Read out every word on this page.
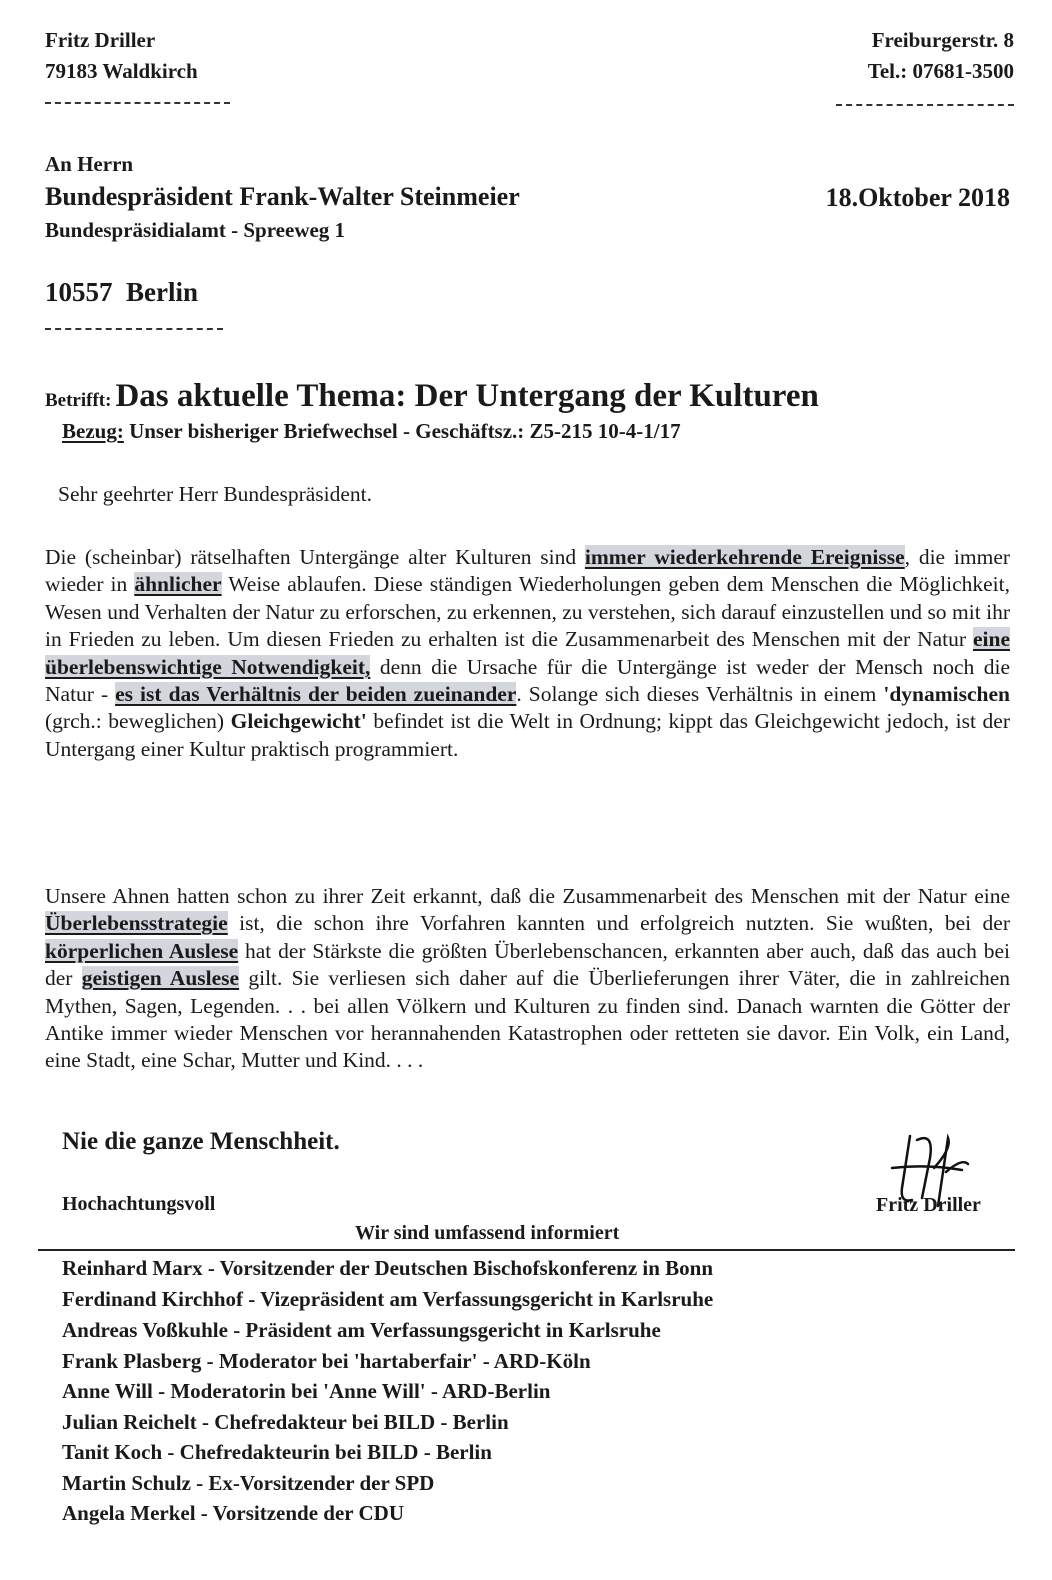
Fritz Driller
79183 Waldkirch
Freiburgerstr. 8
Tel.: 07681-3500
An Herrn
Bundespräsident Frank-Walter Steinmeier
Bundespräsidialamt - Spreeweg 1
18.Oktober 2018
10557 Berlin
Betrifft: Das aktuelle Thema: Der Untergang der Kulturen
Bezug: Unser bisheriger Briefwechsel - Geschäftsz.: Z5-215 10-4-1/17
Sehr geehrter Herr Bundespräsident.
Die (scheinbar) rätselhaften Untergänge alter Kulturen sind immer wiederkehrende Ereignisse, die immer wieder in ähnlicher Weise ablaufen. Diese ständigen Wiederholungen geben dem Menschen die Möglichkeit, Wesen und Verhalten der Natur zu erforschen, zu erkennen, zu verstehen, sich darauf einzustellen und so mit ihr in Frieden zu leben. Um diesen Frieden zu erhalten ist die Zusammenarbeit des Menschen mit der Natur eine überlebenswichtige Notwendigkeit, denn die Ursache für die Untergänge ist weder der Mensch noch die Natur - es ist das Verhältnis der beiden zueinander. Solange sich dieses Verhältnis in einem 'dynamischen (grch.: beweglichen) Gleichgewicht' befindet ist die Welt in Ordnung; kippt das Gleichgewicht jedoch, ist der Untergang einer Kultur praktisch programmiert.
Unsere Ahnen hatten schon zu ihrer Zeit erkannt, daß die Zusammenarbeit des Menschen mit der Natur eine Überlebensstrategie ist, die schon ihre Vorfahren kannten und erfolgreich nutzten. Sie wußten, bei der körperlichen Auslese hat der Stärkste die größten Überlebenschancen, erkannten aber auch, daß das auch bei der geistigen Auslese gilt. Sie verliesen sich daher auf die Überlieferungen ihrer Väter, die in zahlreichen Mythen, Sagen, Legenden. . . bei allen Völkern und Kulturen zu finden sind. Danach warnten die Götter der Antike immer wieder Menschen vor herannahenden Katastrophen oder retteten sie davor. Ein Volk, ein Land, eine Stadt, eine Schar, Mutter und Kind. . . .
Nie die ganze Menschheit.
Hochachtungsvoll	Fritz Driller
Wir sind umfassend informiert
Reinhard Marx - Vorsitzender der Deutschen Bischofskonferenz in Bonn
Ferdinand Kirchhof - Vizepräsident am Verfassungsgericht in Karlsruhe
Andreas Voßkuhle - Präsident am Verfassungsgericht in Karlsruhe
Frank Plasberg - Moderator bei 'hartaberfair' - ARD-Köln
Anne Will - Moderatorin bei 'Anne Will' - ARD-Berlin
Julian Reichelt - Chefredakteur bei BILD - Berlin
Tanit Koch - Chefredakteurin bei BILD - Berlin
Martin Schulz - Ex-Vorsitzender der SPD
Angela Merkel - Vorsitzende der CDU
